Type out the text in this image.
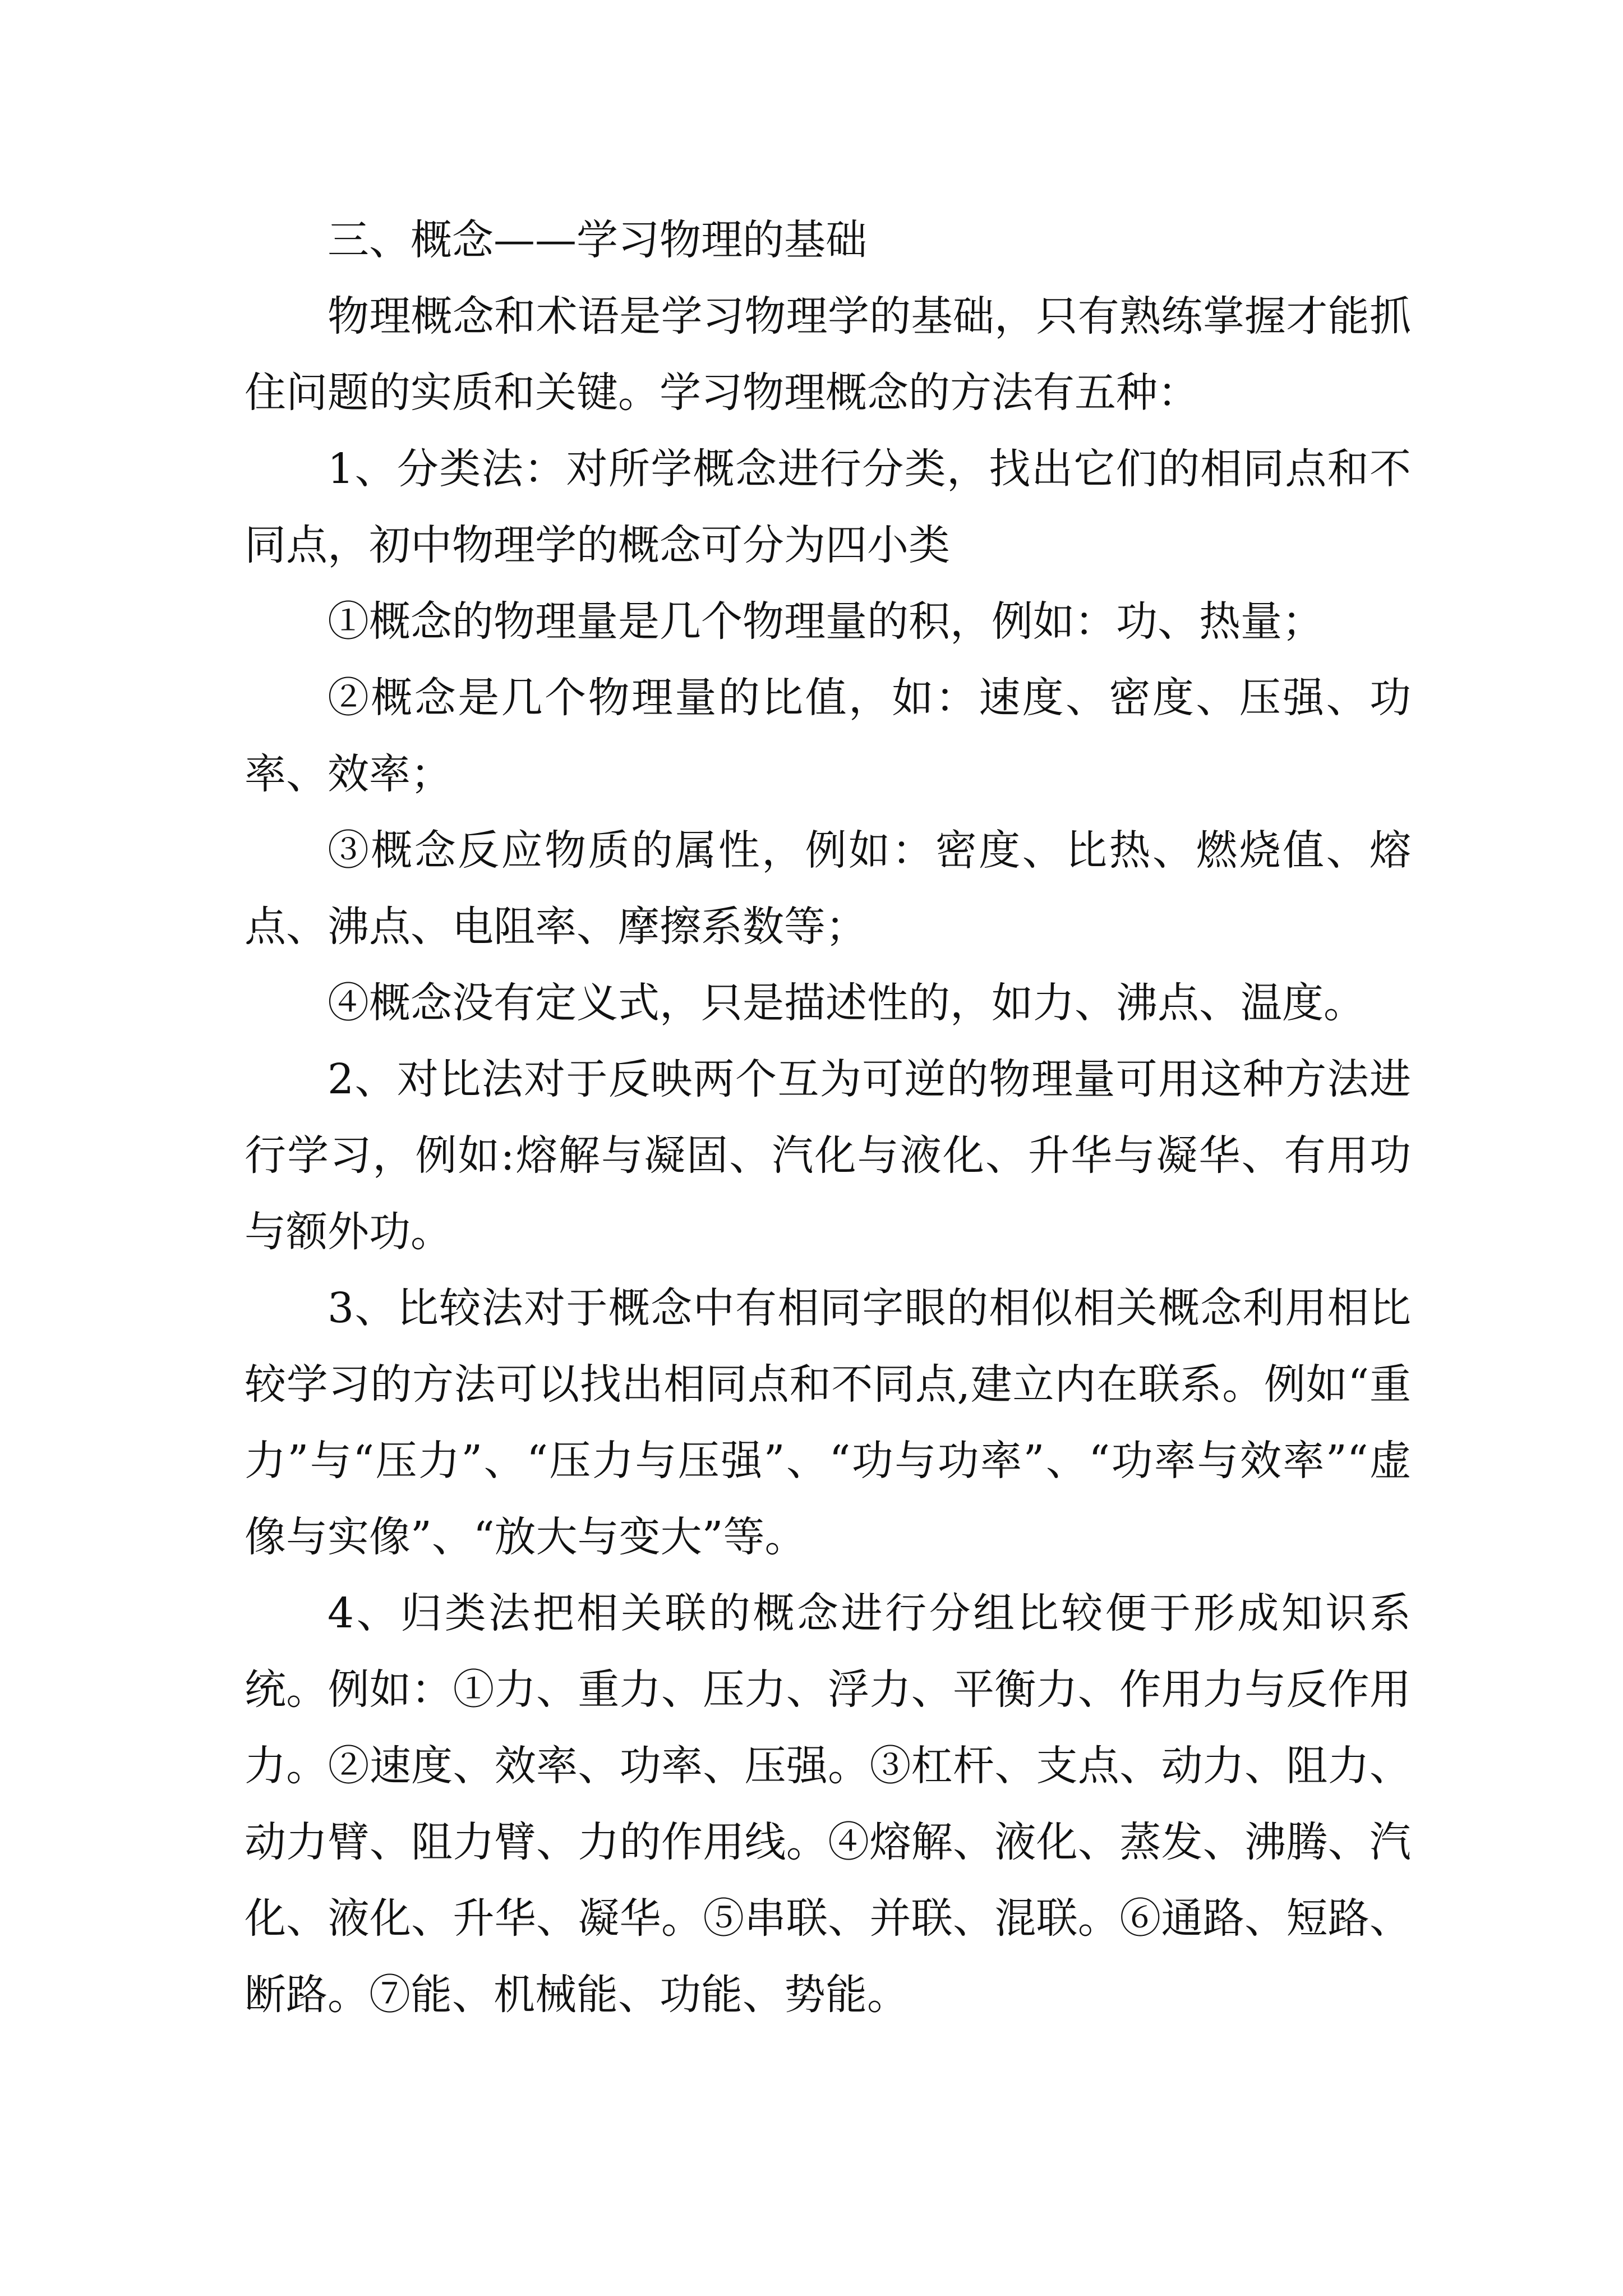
三、概念——学习物理的基础

物理概念和术语是学习物理学的基础，只有熟练掌握才能抓住问题的实质和关键。学习物理概念的方法有五种：

1、分类法：对所学概念进行分类，找出它们的相同点和不同点，初中物理学的概念可分为四小类

①概念的物理量是几个物理量的积，例如：功、热量；

②概念是几个物理量的比值，如：速度、密度、压强、功率、效率；

③概念反应物质的属性，例如：密度、比热、燃烧值、熔点、沸点、电阻率、摩擦系数等；

④概念没有定义式，只是描述性的，如力、沸点、温度。

2、对比法对于反映两个互为可逆的物理量可用这种方法进行学习，例如:熔解与凝固、汽化与液化、升华与凝华、有用功与额外功。

3、比较法对于概念中有相同字眼的相似相关概念利用相比较学习的方法可以找出相同点和不同点,建立内在联系。例如“重力”与“压力”、“压力与压强”、“功与功率”、“功率与效率”“虚像与实像”、“放大与变大”等。

4、归类法把相关联的概念进行分组比较便于形成知识系统。例如：①力、重力、压力、浮力、平衡力、作用力与反作用力。②速度、效率、功率、压强。③杠杆、支点、动力、阻力、动力臂、阻力臂、力的作用线。④熔解、液化、蒸发、沸腾、汽化、液化、升华、凝华。⑤串联、并联、混联。⑥通路、短路、断路。⑦能、机械能、功能、势能。
